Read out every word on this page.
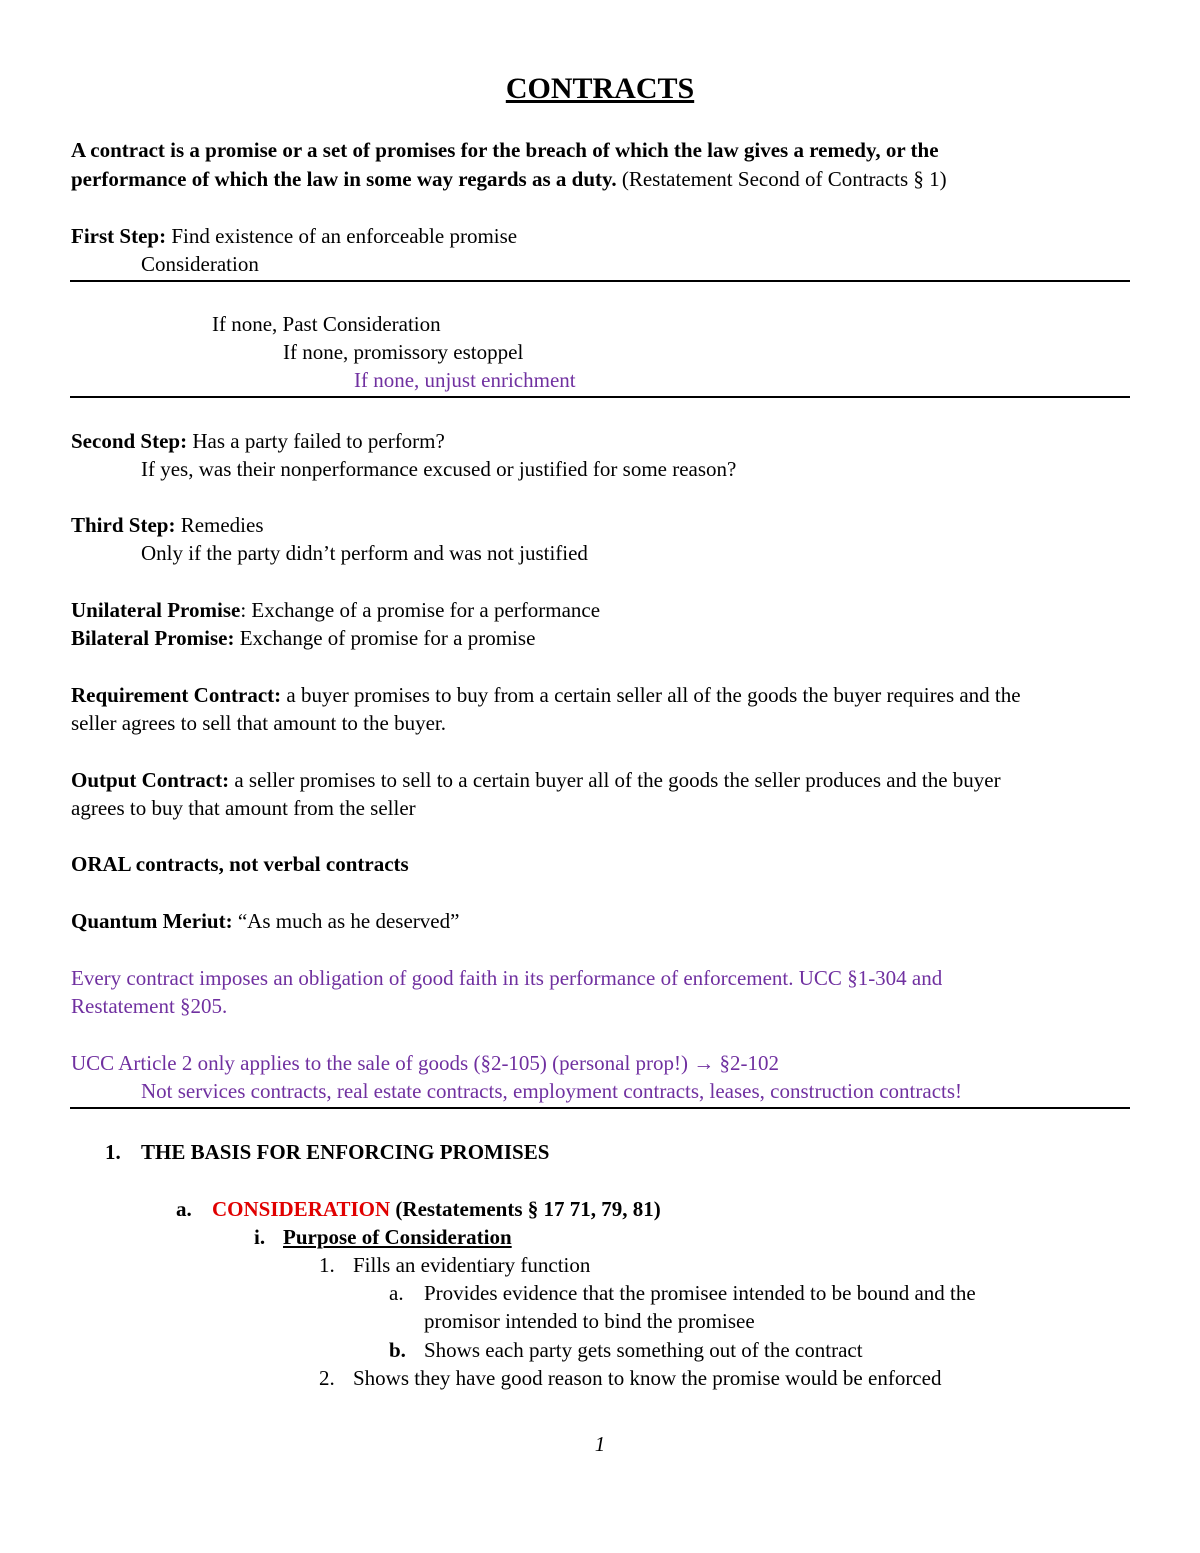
CONTRACTS
A contract is a promise or a set of promises for the breach of which the law gives a remedy, or the
performance of which the law in some way regards as a duty. (Restatement Second of Contracts § 1)
First Step: Find existence of an enforceable promise
Consideration
If none, Past Consideration
If none, promissory estoppel
If none, unjust enrichment
Second Step: Has a party failed to perform?
If yes, was their nonperformance excused or justified for some reason?
Third Step: Remedies
Only if the party didn’t perform and was not justified
Unilateral Promise: Exchange of a promise for a performance
Bilateral Promise: Exchange of promise for a promise
Requirement Contract: a buyer promises to buy from a certain seller all of the goods the buyer requires and the
seller agrees to sell that amount to the buyer.
Output Contract: a seller promises to sell to a certain buyer all of the goods the seller produces and the buyer
agrees to buy that amount from the seller
ORAL contracts, not verbal contracts
Quantum Meriut: “As much as he deserved”
Every contract imposes an obligation of good faith in its performance of enforcement. UCC §1-304 and
Restatement §205.
UCC Article 2 only applies to the sale of goods (§2-105) (personal prop!) → §2-102
Not services contracts, real estate contracts, employment contracts, leases, construction contracts!
1. THE BASIS FOR ENFORCING PROMISES
a. CONSIDERATION (Restatements § 17 71, 79, 81)
i. Purpose of Consideration
1. Fills an evidentiary function
a. Provides evidence that the promisee intended to be bound and the
promisor intended to bind the promisee
b. Shows each party gets something out of the contract
2. Shows they have good reason to know the promise would be enforced
1
